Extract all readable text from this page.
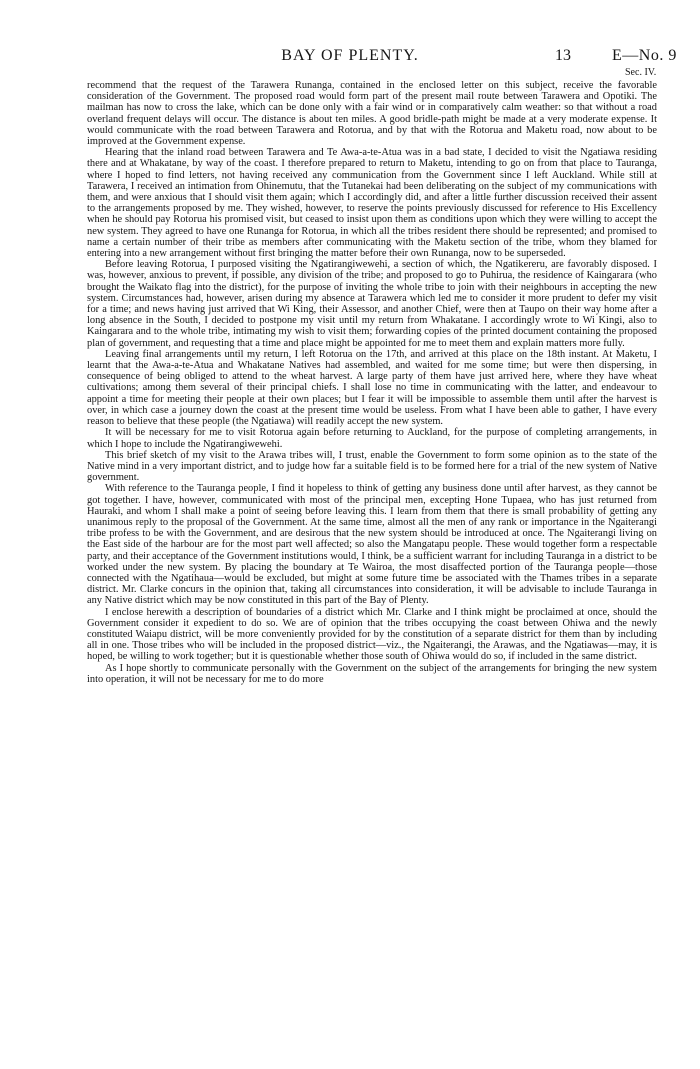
BAY OF PLENTY.	13	E—No. 9
Sec. IV.

recommend that the request of the Tarawera Runanga, contained in the enclosed letter on this subject, receive the favorable consideration of the Government. The proposed road would form part of the present mail route between Tarawera and Opotiki. The mailman has now to cross the lake, which can be done only with a fair wind or in comparatively calm weather: so that without a road overland frequent delays will occur. The distance is about ten miles. A good bridle-path might be made at a very moderate expense. It would communicate with the road between Tarawera and Rotorua, and by that with the Rotorua and Maketu road, now about to be improved at the Government expense.

Hearing that the inland road between Tarawera and Te Awa-a-te-Atua was in a bad state, I decided to visit the Ngatiawa residing there and at Whakatane, by way of the coast. I therefore prepared to return to Maketu, intending to go on from that place to Tauranga, where I hoped to find letters, not having received any communication from the Government since I left Auckland. While still at Tarawera, I received an intimation from Ohinemutu, that the Tutanekai had been deliberating on the subject of my communications with them, and were anxious that I should visit them again; which I accordingly did, and after a little further discussion received their assent to the arrangements proposed by me. They wished, however, to reserve the points previously discussed for reference to His Excellency when he should pay Rotorua his promised visit, but ceased to insist upon them as conditions upon which they were willing to accept the new system. They agreed to have one Runanga for Rotorua, in which all the tribes resident there should be represented; and promised to name a certain number of their tribe as members after communicating with the Maketu section of the tribe, whom they blamed for entering into a new arrangement without first bringing the matter before their own Runanga, now to be superseded.

Before leaving Rotorua, I purposed visiting the Ngatirangiwewehi, a section of which, the Ngatikereru, are favorably disposed. I was, however, anxious to prevent, if possible, any division of the tribe; and proposed to go to Puhirua, the residence of Kaingarara (who brought the Waikato flag into the district), for the purpose of inviting the whole tribe to join with their neighbours in accepting the new system. Circumstances had, however, arisen during my absence at Tarawera which led me to consider it more prudent to defer my visit for a time; and news having just arrived that Wi King, their Assessor, and another Chief, were then at Taupo on their way home after a long absence in the South, I decided to postpone my visit until my return from Whakatane. I accordingly wrote to Wi Kingi, also to Kaingarara and to the whole tribe, intimating my wish to visit them; forwarding copies of the printed document containing the proposed plan of government, and requesting that a time and place might be appointed for me to meet them and explain matters more fully.

Leaving final arrangements until my return, I left Rotorua on the 17th, and arrived at this place on the 18th instant. At Maketu, I learnt that the Awa-a-te-Atua and Whakatane Natives had assembled, and waited for me some time; but were then dispersing, in consequence of being obliged to attend to the wheat harvest. A large party of them have just arrived here, where they have wheat cultivations; among them several of their principal chiefs. I shall lose no time in communicating with the latter, and endeavour to appoint a time for meeting their people at their own places; but I fear it will be impossible to assemble them until after the harvest is over, in which case a journey down the coast at the present time would be useless. From what I have been able to gather, I have every reason to believe that these people (the Ngatiawa) will readily accept the new system.

It will be necessary for me to visit Rotorua again before returning to Auckland, for the purpose of completing arrangements, in which I hope to include the Ngatirangiwewehi.

This brief sketch of my visit to the Arawa tribes will, I trust, enable the Government to form some opinion as to the state of the Native mind in a very important district, and to judge how far a suitable field is to be formed here for a trial of the new system of Native government.

With reference to the Tauranga people, I find it hopeless to think of getting any business done until after harvest, as they cannot be got together. I have, however, communicated with most of the principal men, excepting Hone Tupaea, who has just returned from Hauraki, and whom I shall make a point of seeing before leaving this. I learn from them that there is small probability of getting any unanimous reply to the proposal of the Government. At the same time, almost all the men of any rank or importance in the Ngaiterangi tribe profess to be with the Government, and are desirous that the new system should be introduced at once. The Ngaiterangi living on the East side of the harbour are for the most part well affected; so also the Mangatapu people. These would together form a respectable party, and their acceptance of the Government institutions would, I think, be a sufficient warrant for including Tauranga in a district to be worked under the new system. By placing the boundary at Te Wairoa, the most disaffected portion of the Tauranga people—those connected with the Ngatihaua—would be excluded, but might at some future time be associated with the Thames tribes in a separate district. Mr. Clarke concurs in the opinion that, taking all circumstances into consideration, it will be advisable to include Tauranga in any Native district which may be now constituted in this part of the Bay of Plenty.

I enclose herewith a description of boundaries of a district which Mr. Clarke and I think might be proclaimed at once, should the Government consider it expedient to do so. We are of opinion that the tribes occupying the coast between Ohiwa and the newly constituted Waiapu district, will be more conveniently provided for by the constitution of a separate district for them than by including all in one. Those tribes who will be included in the proposed district—viz., the Ngaiterangi, the Arawas, and the Ngatiawas—may, it is hoped, be willing to work together; but it is questionable whether those south of Ohiwa would do so, if included in the same district.

As I hope shortly to communicate personally with the Government on the subject of the arrangements for bringing the new system into operation, it will not be necessary for me to do more
